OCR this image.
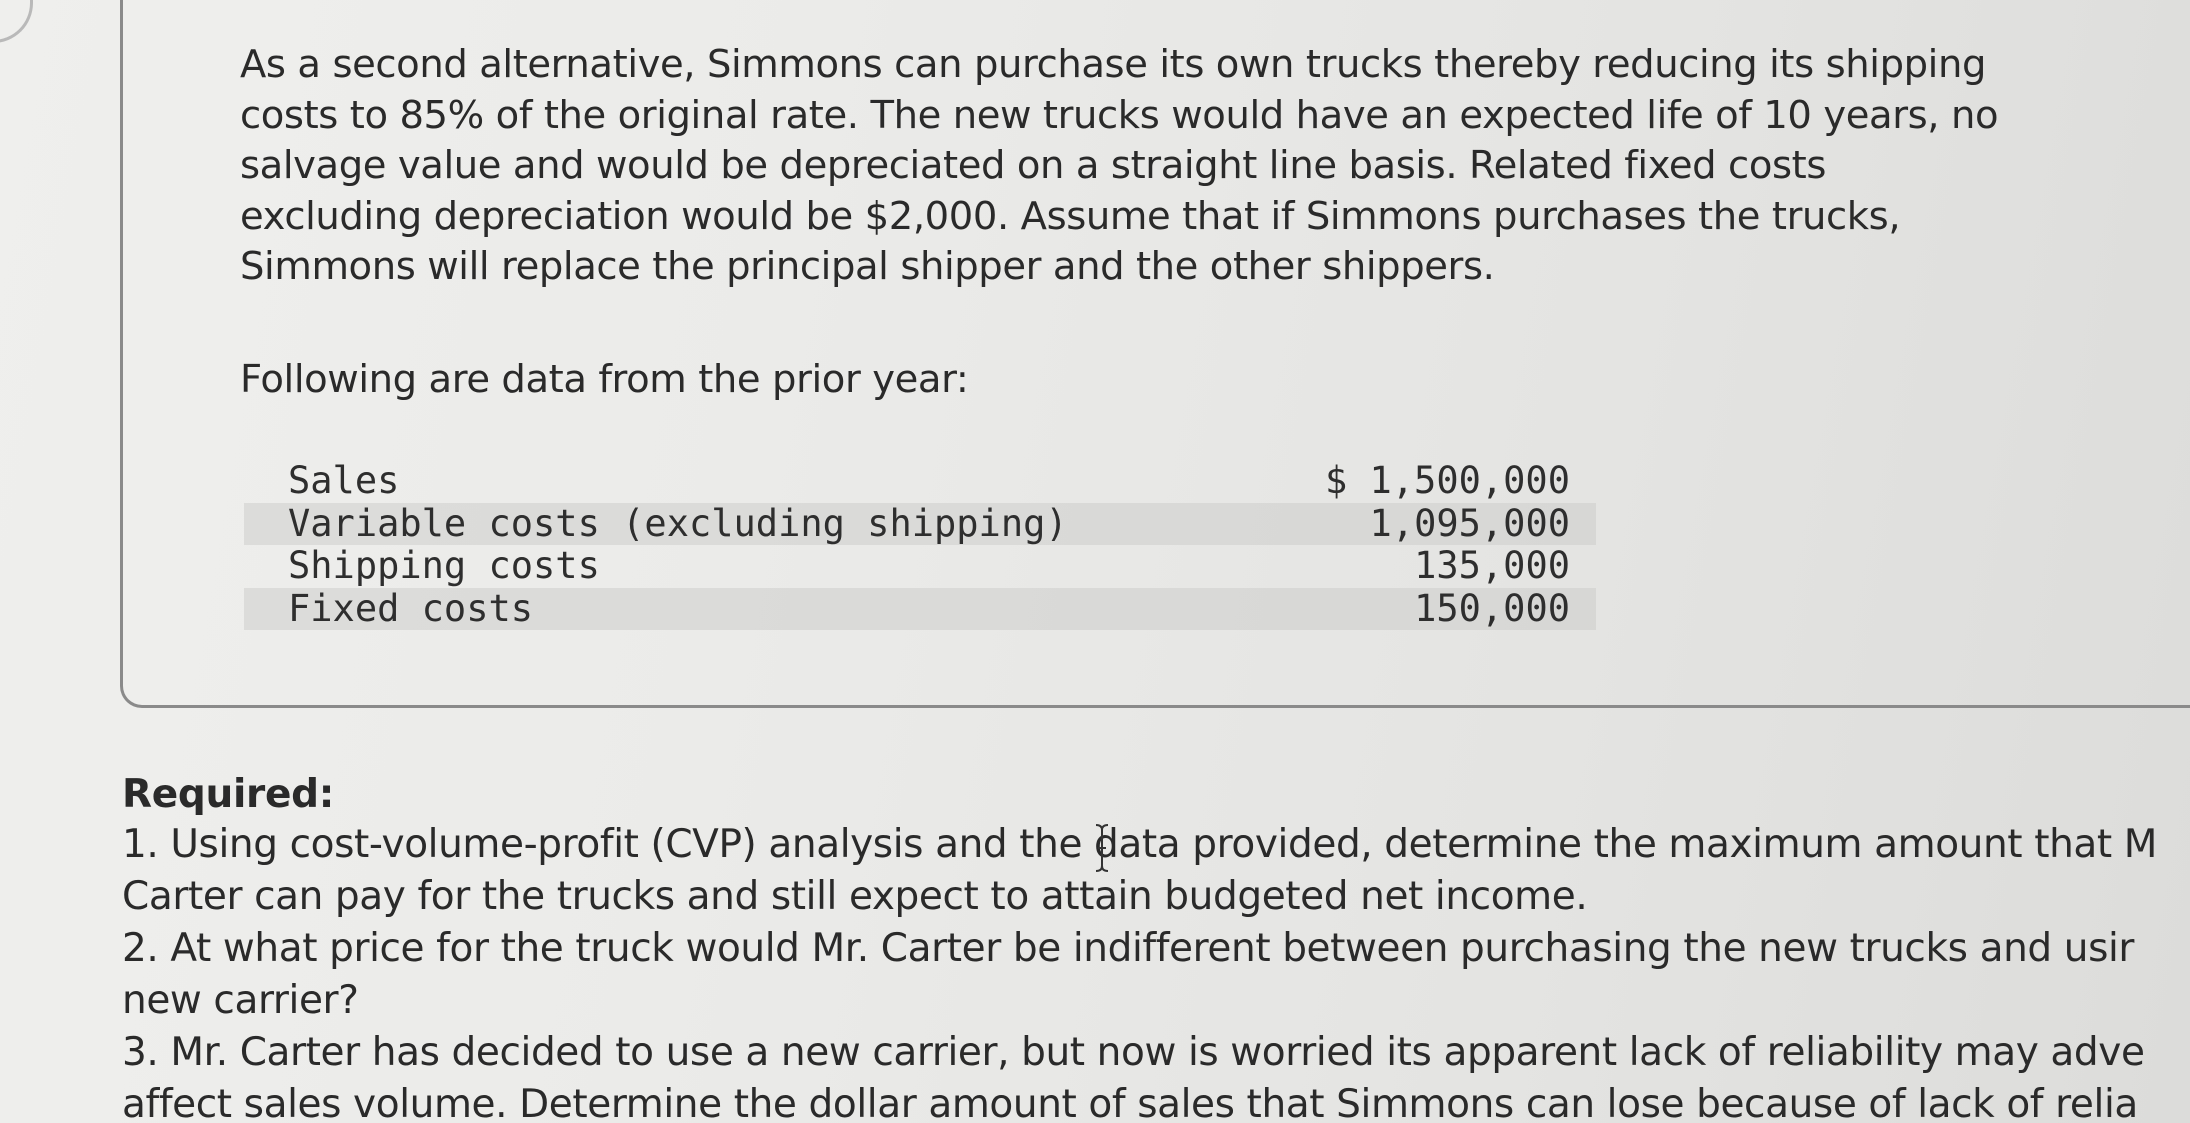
As a second alternative, Simmons can purchase its own trucks thereby reducing its shipping
costs to 85% of the original rate. The new trucks would have an expected life of 10 years, no
salvage value and would be depreciated on a straight line basis. Related fixed costs
excluding depreciation would be $2,000. Assume that if Simmons purchases the trucks,
Simmons will replace the principal shipper and the other shippers.

Following are data from the prior year:

Sales	$ 1,500,000
Variable costs (excluding shipping)	1,095,000
Shipping costs	135,000
Fixed costs	150,000

Required:

1. Using cost-volume-profit (CVP) analysis and the data provided, determine the maximum amount that M
Carter can pay for the trucks and still expect to attain budgeted net income.
2. At what price for the truck would Mr. Carter be indifferent between purchasing the new trucks and usir
new carrier?
3. Mr. Carter has decided to use a new carrier, but now is worried its apparent lack of reliability may adve
affect sales volume. Determine the dollar amount of sales that Simmons can lose because of lack of relia
